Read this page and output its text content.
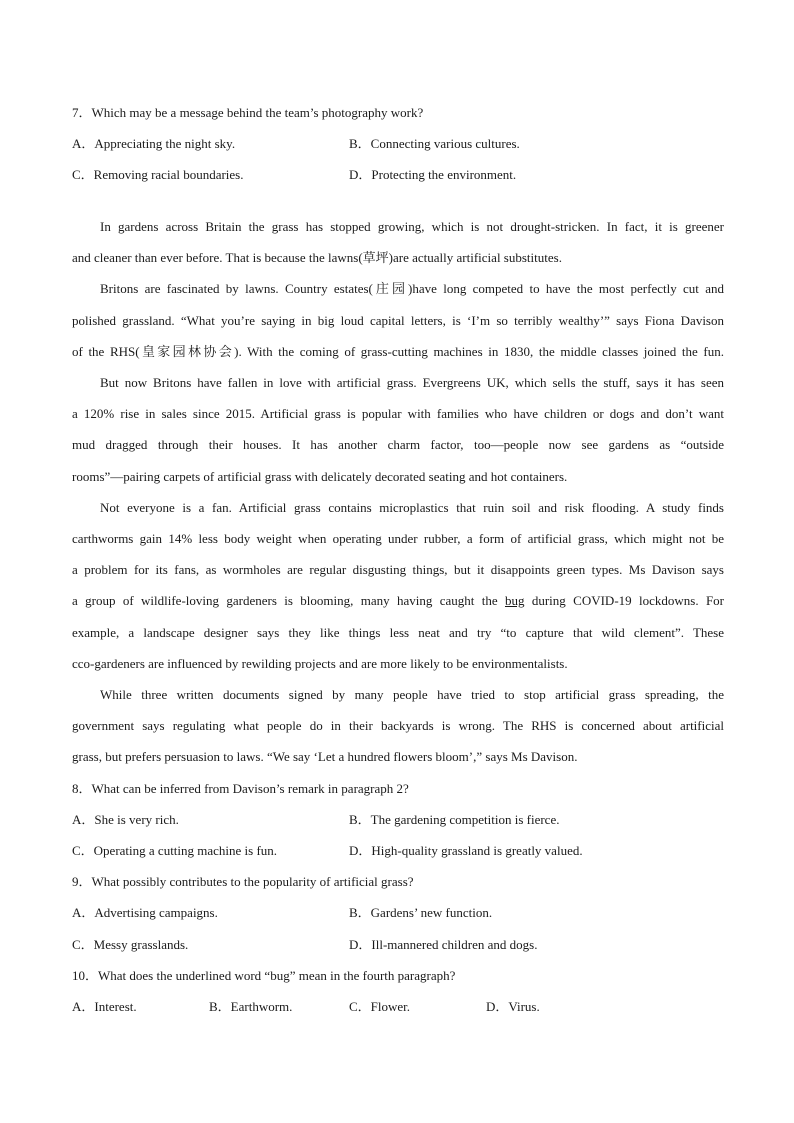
7．Which may be a message behind the team’s photography work?
A．Appreciating the night sky.	B．Connecting various cultures.
C．Removing racial boundaries.	D．Protecting the environment.
In gardens across Britain the grass has stopped growing, which is not drought-stricken. In fact, it is greener
and cleaner than ever before. That is because the lawns(草坪)are actually artificial substitutes.
Britons are fascinated by lawns. Country estates(庄园)have long competed to have the most perfectly cut and
polished grassland. “What you’re saying in big loud capital letters, is ‘I’m so terribly wealthy’” says Fiona Davison
of the RHS(皇家园林协会). With the coming of grass-cutting machines in 1830, the middle classes joined the fun.
But now Britons have fallen in love with artificial grass. Evergreens UK, which sells the stuff, says it has seen
a 120% rise in sales since 2015. Artificial grass is popular with families who have children or dogs and don’t want
mud dragged through their houses. It has another charm factor, too—people now see gardens as “outside
rooms”—pairing carpets of artificial grass with delicately decorated seating and hot containers.
Not everyone is a fan. Artificial grass contains microplastics that ruin soil and risk flooding. A study finds
carthworms gain 14% less body weight when operating under rubber, a form of artificial grass, which might not be
a problem for its fans, as wormholes are regular disgusting things, but it disappoints green types. Ms Davison says
a group of wildlife-loving gardeners is blooming, many having caught the bug during COVID-19 lockdowns. For
example, a landscape designer says they like things less neat and try “to capture that wild clement”. These
cco-gardeners are influenced by rewilding projects and are more likely to be environmentalists.
While three written documents signed by many people have tried to stop artificial grass spreading, the
government says regulating what people do in their backyards is wrong. The RHS is concerned about artificial
grass, but prefers persuasion to laws. “We say ‘Let a hundred flowers bloom’,” says Ms Davison.
8．What can be inferred from Davison’s remark in paragraph 2?
A．She is very rich.	B．The gardening competition is fierce.
C．Operating a cutting machine is fun.	D．High-quality grassland is greatly valued.
9．What possibly contributes to the popularity of artificial grass?
A．Advertising campaigns.	B．Gardens’ new function.
C．Messy grasslands.	D．Ill-mannered children and dogs.
10．What does the underlined word “bug” mean in the fourth paragraph?
A．Interest.	B．Earthworm.	C．Flower.	D．Virus.
